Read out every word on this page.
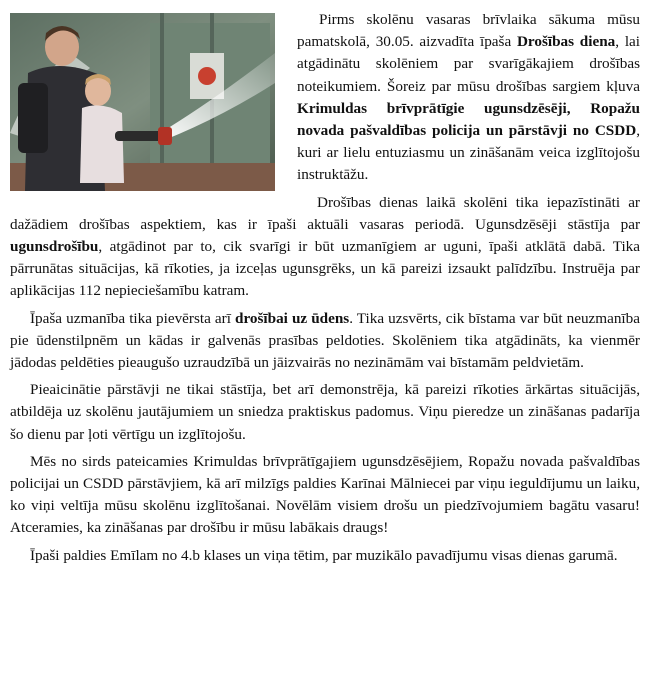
Pirms skolēnu vasaras brīvlaika sākuma mūsu pamatskolā, 30.05. aizvadīta īpaša Drošības diena, lai atgādinātu skolēniem par svarīgākajiem drošības noteikumiem. Šoreiz par mūsu drošības sargiem kļuva Krimuldas brīvprātīgie ugunsdzēsēji, Ropažu novada pašvaldības policija un pārstāvji no CSDD, kuri ar lielu entuziasmu un zināšanām veica izglītojošu instruktāžu.

Drošības dienas laikā skolēni tika iepazīstināti ar dažādiem drošības aspektiem, kas ir īpaši aktuāli vasaras periodā. Ugunsdzēsēji stāstīja par ugunsdrošību, atgādinot par to, cik svarīgi ir būt uzmanīgiem ar uguni, īpaši atklātā dabā. Tika pārrunātas situācijas, kā rīkoties, ja izceļas ugunsgrēks, un kā pareizi izsaukt palīdzību. Instruēja par aplikācijas 112 nepieciešamību katram.

Īpaša uzmanība tika pievērsta arī drošībai uz ūdens. Tika uzsvērts, cik bīstama var būt neuzmanība pie ūdenstilpnēm un kādas ir galvenās prasības peldoties. Skolēniem tika atgādināts, ka vienmēr jādodas peldēties pieaugušo uzraudzībā un jāizvairās no nezināmām vai bīstamām peldvietām.

Pieaicinātie pārstāvji ne tikai stāstīja, bet arī demonstrēja, kā pareizi rīkoties ārkārtas situācijās, atbildēja uz skolēnu jautājumiem un sniedza praktiskus padomus. Viņu pieredze un zināšanas padarīja šo dienu par ļoti vērtīgu un izglītojošu.

Mēs no sirds pateicamies Krimuldas brīvprātīgajiem ugunsdzēsējiem, Ropažu novada pašvaldības policijai un CSDD pārstāvjiem, kā arī milzīgs paldies Karīnai Mālniecei par viņu ieguldījumu un laiku, ko viņi veltīja mūsu skolēnu izglītošanai. Novēlām visiem drošu un piedzīvojumiem bagātu vasaru! Atceramies, ka zināšanas par drošību ir mūsu labākais draugs!

Īpaši paldies Emīlam no 4.b klases un viņa tētim, par muzikālo pavadījumu visas dienas garumā.
